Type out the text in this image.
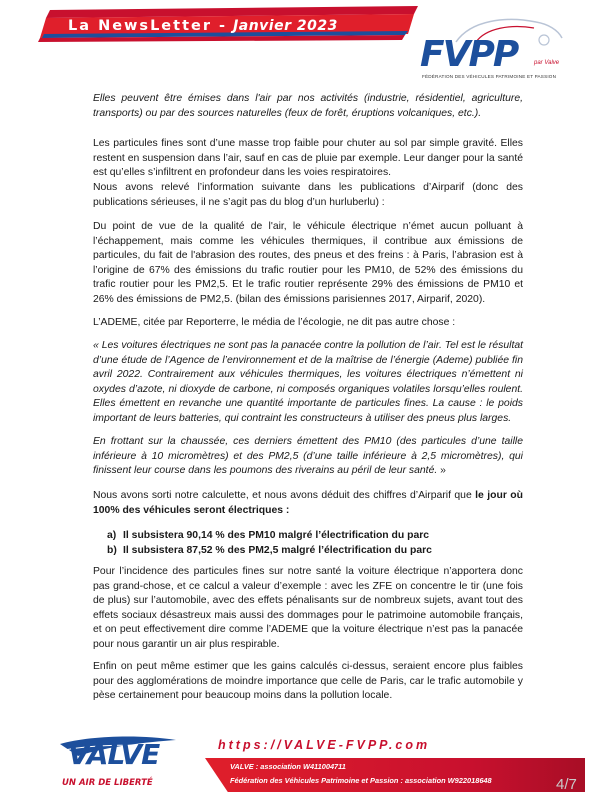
La NewsLetter - Janvier 2023
FVPP	par Valve
FÉDÉRATION DES VÉHICULES PATRIMOINE ET PASSION

Elles peuvent être émises dans l'air par nos activités (industrie, résidentiel, agriculture, transports) ou par des sources naturelles (feux de forêt, éruptions volcaniques, etc.).

Les particules fines sont d’une masse trop faible pour chuter au sol par simple gravité. Elles restent en suspension dans l’air, sauf en cas de pluie par exemple. Leur danger pour la santé est qu’elles s’infiltrent en profondeur dans les voies respiratoires.

Nous avons relevé l’information suivante dans les publications d’Airparif (donc des publications sérieuses, il ne s’agit pas du blog d’un hurluberlu) :

Du point de vue de la qualité de l'air, le véhicule électrique n’émet aucun polluant à l’échappement, mais comme les véhicules thermiques, il contribue aux émissions de particules, du fait de l'abrasion des routes, des pneus et des freins : à Paris, l’abrasion est à l’origine de 67% des émissions du trafic routier pour les PM10, de 52% des émissions du trafic routier pour les PM2,5. Et le trafic routier représente 29% des émissions de PM10 et 26% des émissions de PM2,5. (bilan des émissions parisiennes 2017, Airparif, 2020).

L’ADEME, citée par Reporterre, le média de l’écologie, ne dit pas autre chose :

« Les voitures électriques ne sont pas la panacée contre la pollution de l’air. Tel est le résultat d’une étude de l’Agence de l’environnement et de la maîtrise de l’énergie (Ademe) publiée fin avril 2022. Contrairement aux véhicules thermiques, les voitures électriques n’émettent ni oxydes d’azote, ni dioxyde de carbone, ni composés organiques volatiles lorsqu’elles roulent. Elles émettent en revanche une quantité importante de particules fines. La cause : le poids important de leurs batteries, qui contraint les constructeurs à utiliser des pneus plus larges.

En frottant sur la chaussée, ces derniers émettent des PM10 (des particules d’une taille inférieure à 10 micromètres) et des PM2,5 (d’une taille inférieure à 2,5 micromètres), qui finissent leur course dans les poumons des riverains au péril de leur santé. »

Nous avons sorti notre calculette, et nous avons déduit des chiffres d’Airparif que le jour où 100% des véhicules seront électriques :

a) Il subsistera 90,14 % des PM10 malgré l’électrification du parc
b) Il subsistera 87,52 % des PM2,5 malgré l’électrification du parc

Pour l’incidence des particules fines sur notre santé la voiture électrique n’apportera donc pas grand-chose, et ce calcul a valeur d’exemple : avec les ZFE on concentre le tir (une fois de plus) sur l’automobile, avec des effets pénalisants sur de nombreux sujets, avant tout des effets sociaux désastreux mais aussi des dommages pour le patrimoine automobile français, et on peut effectivement dire comme l’ADEME que la voiture électrique n’est pas la panacée pour nous garantir un air plus respirable.

Enfin on peut même estimer que les gains calculés ci-dessus, seraient encore plus faibles pour des agglomérations de moindre importance que celle de Paris, car le trafic automobile y pèse certainement pour beaucoup moins dans la pollution locale.

VALVE
UN AIR DE LIBERTÉ
https://VALVE-FVPP.com
VALVE : association W411004711
Fédération des Véhicules Patrimoine et Passion : association W922018648	4/7
